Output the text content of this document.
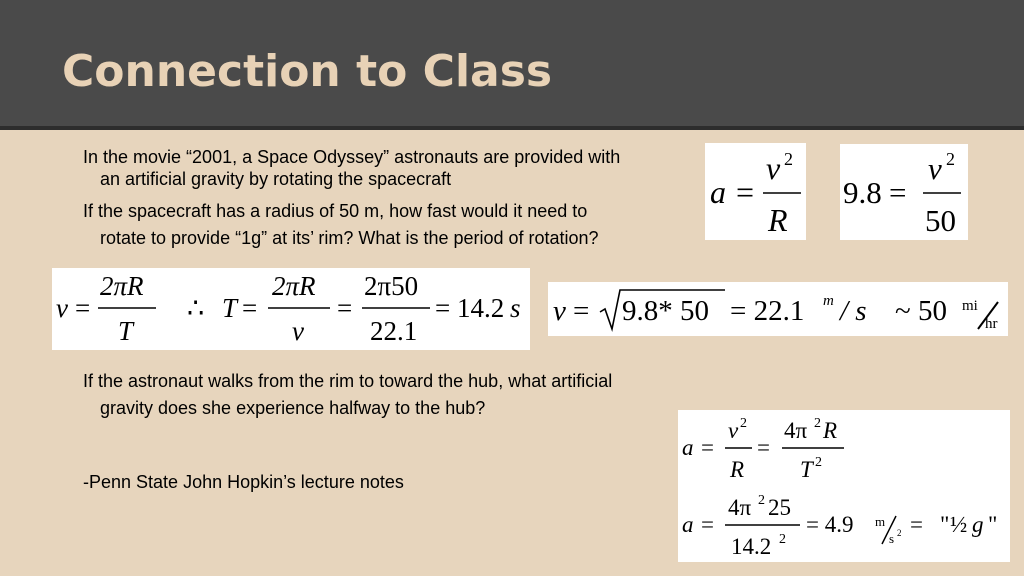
Connection to Class
In the movie “2001, a Space Odyssey” astronauts are provided with
an artificial gravity by rotating the spacecraft
If the spacecraft has a radius of 50 m, how fast would it need to
rotate to provide “1g” at its’ rim? What is the period of rotation?
If the astronaut walks from the rim to toward the hub, what artificial
gravity does she experience halfway to the hub?
-Penn State John Hopkin’s lecture notes
a =
v 2
R
9.8 =
v 2
50
v =
2πR
T
∴ T =
2πR
v
=
2π50
22.1
= 14.2 s v = 9.8* 50 = 22.1 m / s ~ 50 mi
hr
a =
v 2
R
=
4π 2 R
T 2
a =
4π 2 25
14.2 2
= 4.9 m
s 2 = " ½ g "
